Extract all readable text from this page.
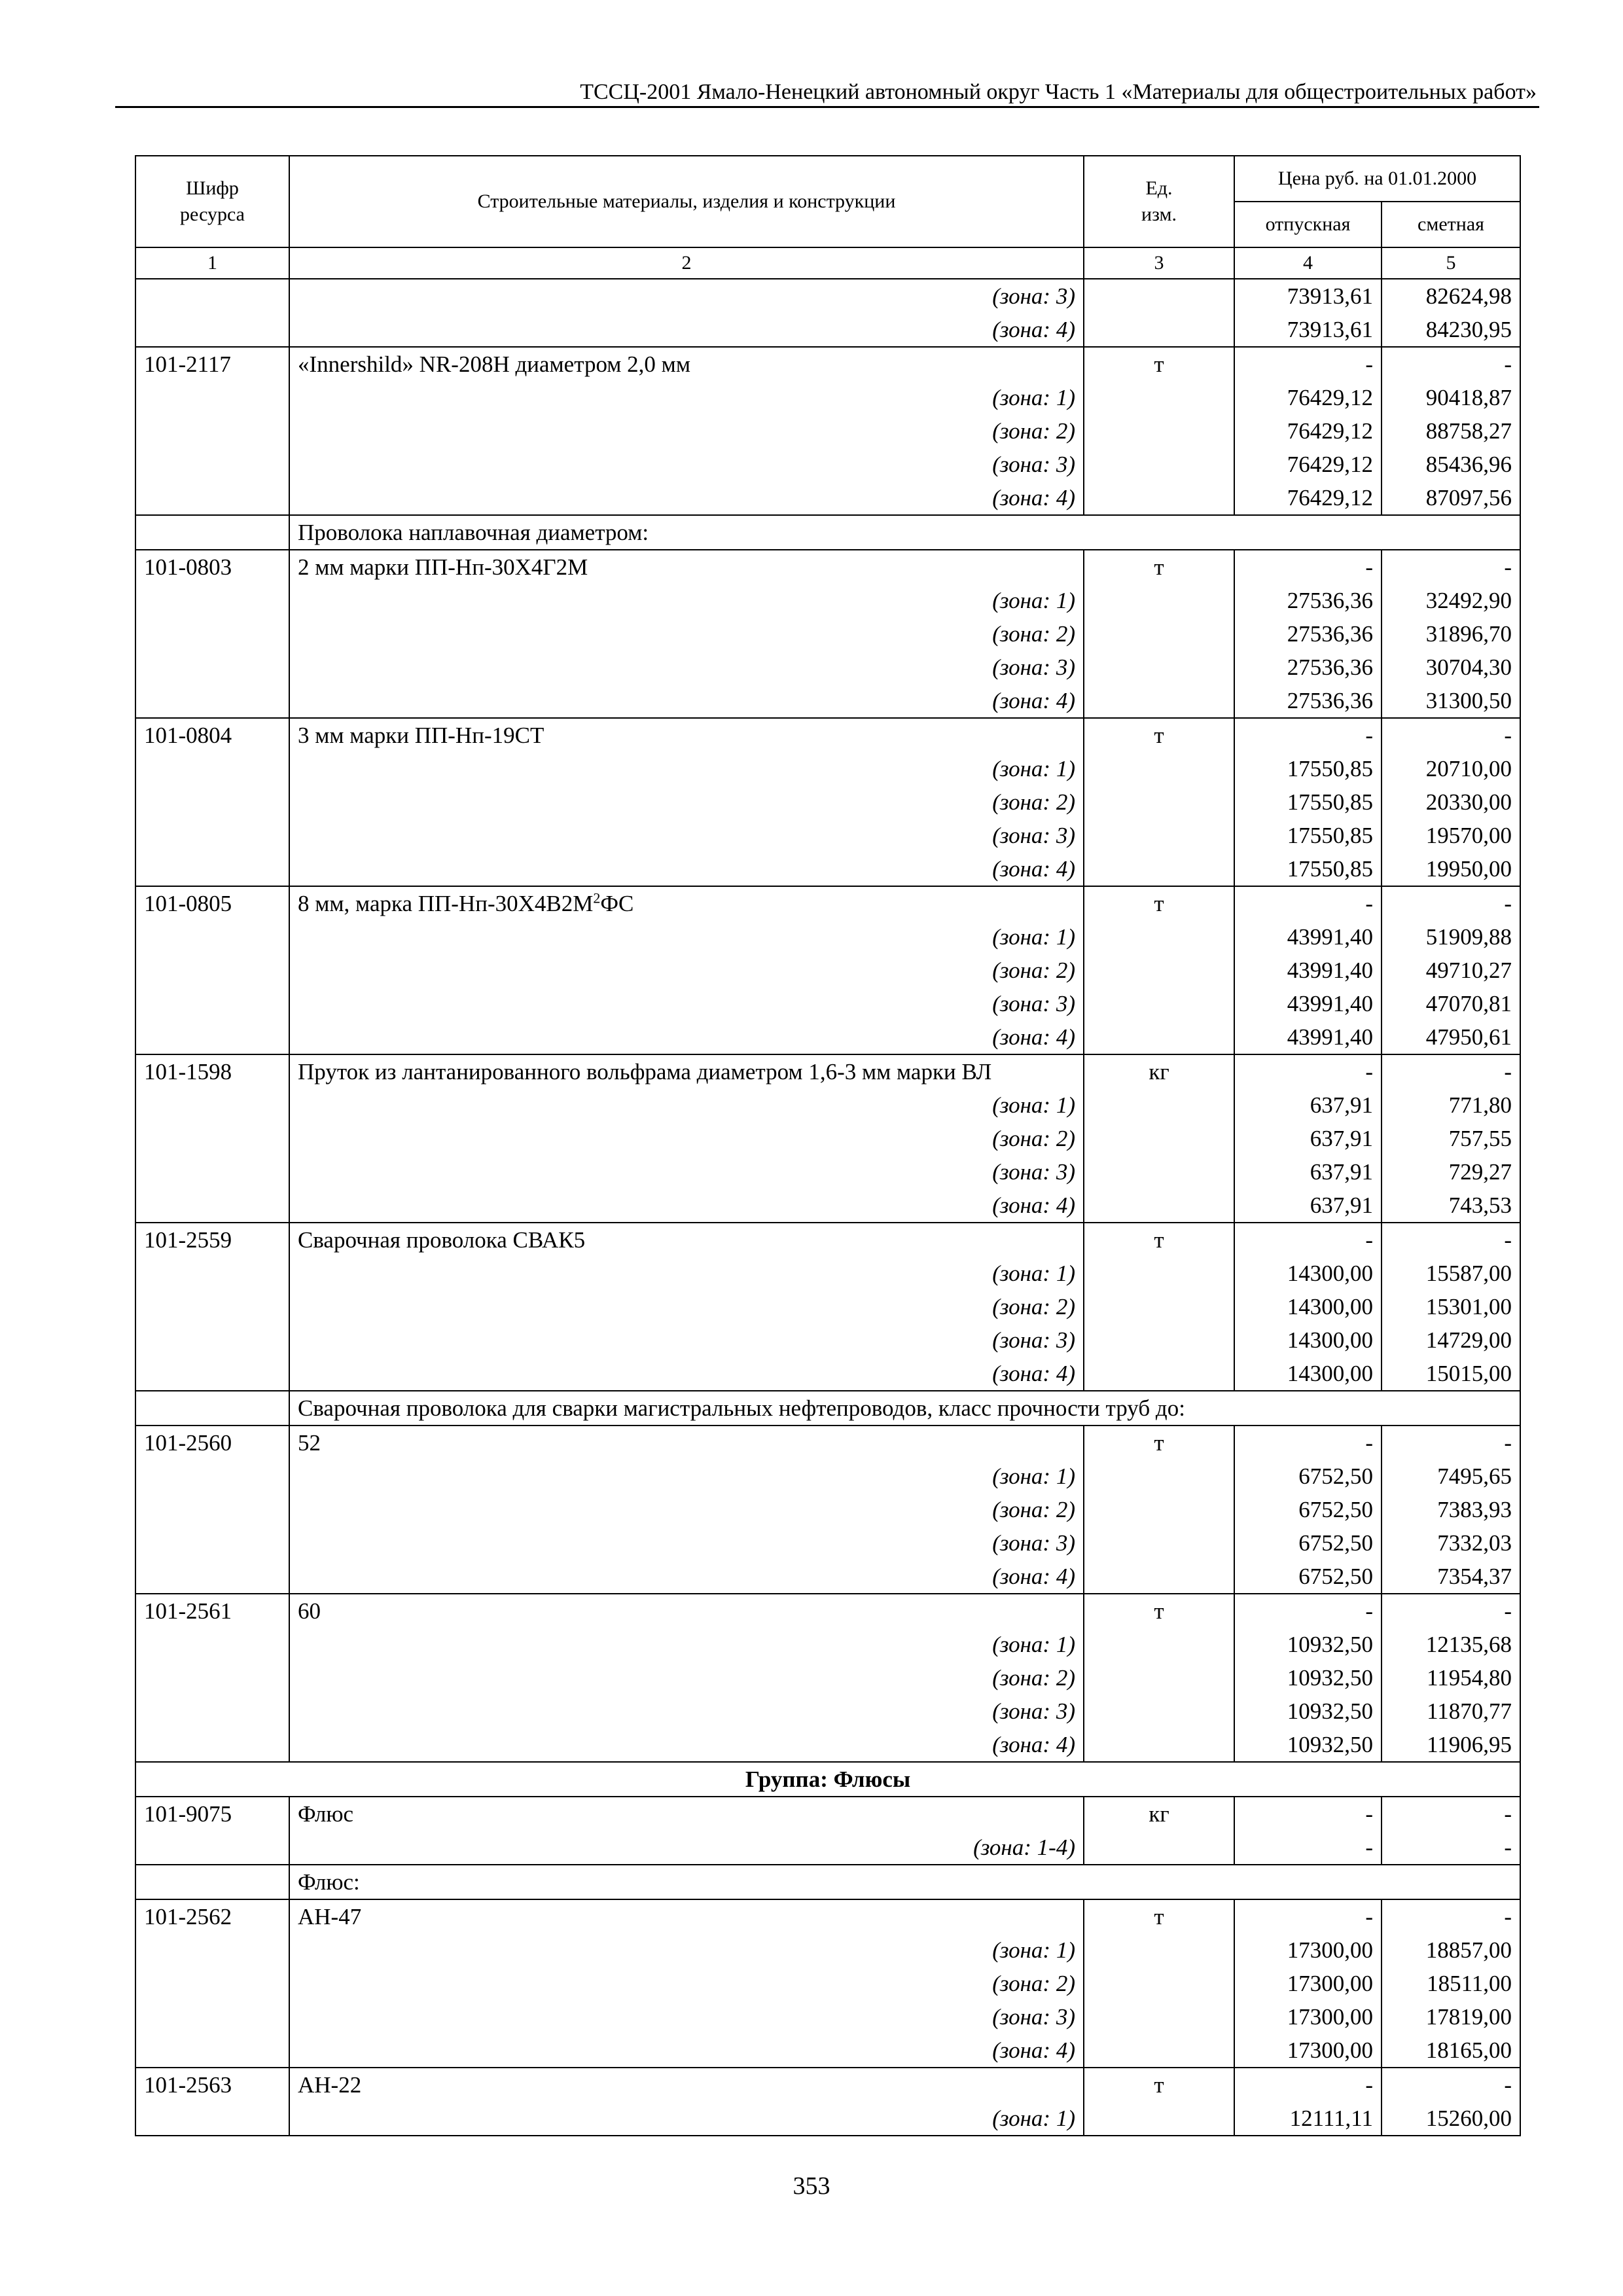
ТССЦ-2001 Ямало-Ненецкий автономный округ Часть 1 «Материалы для общестроительных работ»
Шифр ресурса	Строительные материалы, изделия и конструкции	Ед. изм.	Цена руб. на 01.01.2000	
			отпускная	сметная
1	2	3	4	5
	(зона: 3)		73913,61	82624,98
	(зона: 4)		73913,61	84230,95
101-2117	«Innershild» NR-208H диаметром 2,0 мм	т	-	-
	(зона: 1)		76429,12	90418,87
	(зона: 2)		76429,12	88758,27
	(зона: 3)		76429,12	85436,96
	(зона: 4)		76429,12	87097,56
	Проволока наплавочная диаметром:			
101-0803	2 мм марки ПП-Нп-30Х4Г2М	т	-	-
	(зона: 1)		27536,36	32492,90
	(зона: 2)		27536,36	31896,70
	(зона: 3)		27536,36	30704,30
	(зона: 4)		27536,36	31300,50
101-0804	3 мм марки ПП-Нп-19СТ	т	-	-
	(зона: 1)		17550,85	20710,00
	(зона: 2)		17550,85	20330,00
	(зона: 3)		17550,85	19570,00
	(зона: 4)		17550,85	19950,00
101-0805	8 мм, марка $ПП-Нп-30Х4В2М^2ФС$	т	-	-
	(зона: 1)		43991,40	51909,88
	(зона: 2)		43991,40	49710,27
	(зона: 3)		43991,40	47070,81
	(зона: 4)		43991,40	47950,61
101-1598	Пруток из лантанированного вольфрама диаметром 1,6-3 мм марки ВЛ	кг	-	-
	(зона: 1)		637,91	771,80
	(зона: 2)		637,91	757,55
	(зона: 3)		637,91	729,27
	(зона: 4)		637,91	743,53
101-2559	Сварочная проволока СВАК5	т	-	-
	(зона: 1)		14300,00	15587,00
	(зона: 2)		14300,00	15301,00
	(зона: 3)		14300,00	14729,00
	(зона: 4)		14300,00	15015,00
	Сварочная проволока для сварки магистральных нефтепроводов, класс прочности труб до:			
101-2560	52	т	-	-
	(зона: 1)		6752,50	7495,65
	(зона: 2)		6752,50	7383,93
	(зона: 3)		6752,50	7332,03
	(зона: 4)		6752,50	7354,37
101-2561	60	т	-	-
	(зона: 1)		10932,50	12135,68
	(зона: 2)		10932,50	11954,80
	(зона: 3)		10932,50	11870,77
	(зона: 4)		10932,50	11906,95
Группа: Флюсы				
101-9075	Флюс	кг	-	-
	(зона: 1-4)		-	-
	Флюс:			
101-2562	АН-47	т	-	-
	(зона: 1)		17300,00	18857,00
	(зона: 2)		17300,00	18511,00
	(зона: 3)		17300,00	17819,00
	(зона: 4)		17300,00	18165,00
101-2563	АН-22	т	-	-
	(зона: 1)		12111,11	15260,00
353
